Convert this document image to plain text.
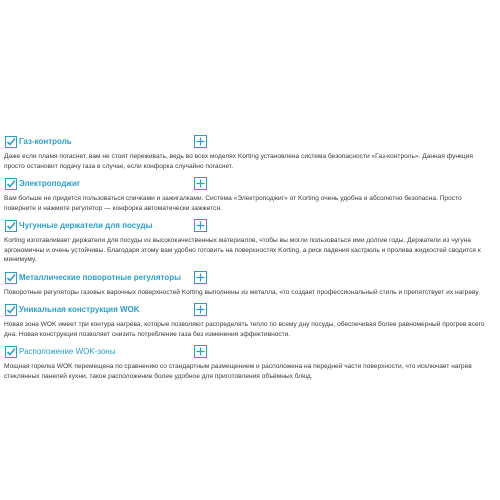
Газ-контроль
Даже если пламя погаснет, вам не стоит переживать, ведь во всех моделях Korting установлена система безопасности «Газ-контроль». Данная функция просто остановит подачу газа в случае, если конфорка случайно погаснет.
Электроподжиг
Вам больше не придется пользоваться спичками и зажигалками. Система «Электроподжиг» от Korting очень удобна и абсолютно безопасна. Просто поверните и нажмите регулятор — конфорка автоматически зажжется.
Чугунные держатели для посуды
Korting изготавливает держатели для посуды из высококачественных материалов, чтобы вы могли пользоваться ими долгие годы. Держатели из чугуна эргономичны и очень устойчивы. Благодаря этому вам удобно готовить на поверхностях Korting, а риск падения кастрюль и пролива жидкостей сводится к минимуму.
Металлические поворотные регуляторы
Поворотные регуляторы газовых варочных поверхностей Korting выполнены из металла, что создает профессиональный стиль и препятствует их нагреву.
Уникальная конструкция WOK
Новая зона WOK имеет три контура нагрева, которые позволяют распределять тепло по всему дну посуды, обеспечивая более равномерный прогрев всего дна. Новая конструкция позволяет снизить потребление газа без изменения эффективности.
Расположение WOK-зоны
Мощная горелка WOK перемещена по сравнению со стандартным размещением и расположена на передней части поверхности, что исключает нагрев стеклянных панелей кухни, такое расположение более удобное для приготовления объёмных блюд.
